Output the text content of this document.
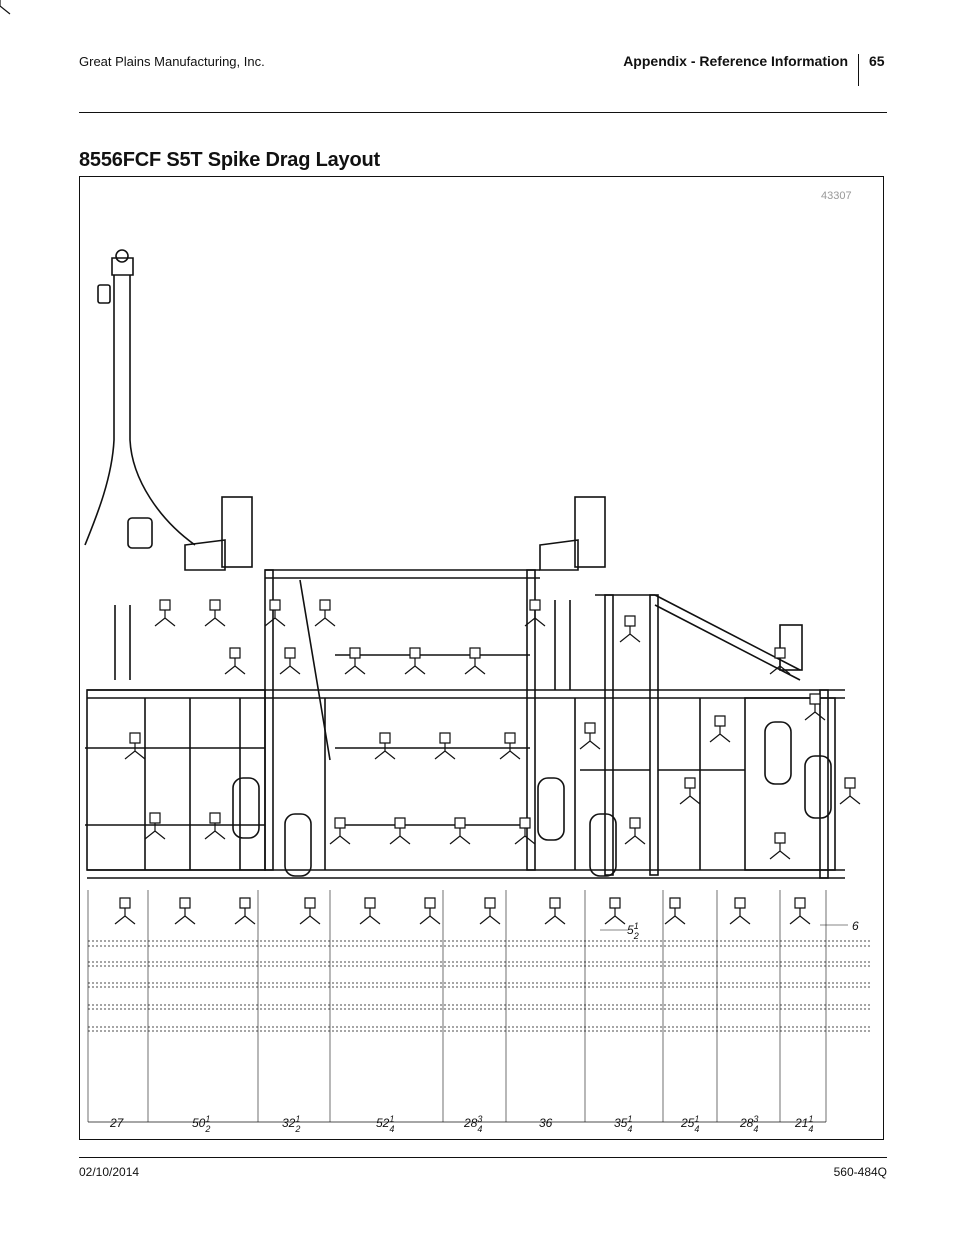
Great Plains Manufacturing, Inc.	Appendix - Reference Information 65
8556FCF S5T Spike Drag Layout
43307
27	$50^1$ 2	$32^1$ 2	$52^1$ 4	$28^3$ 4	36	$35^1$ 4	$25^1$ 4	$28^3$ 4	$21^1$ 4
$5^1$ 2
6
02/10/2014	560-484Q
